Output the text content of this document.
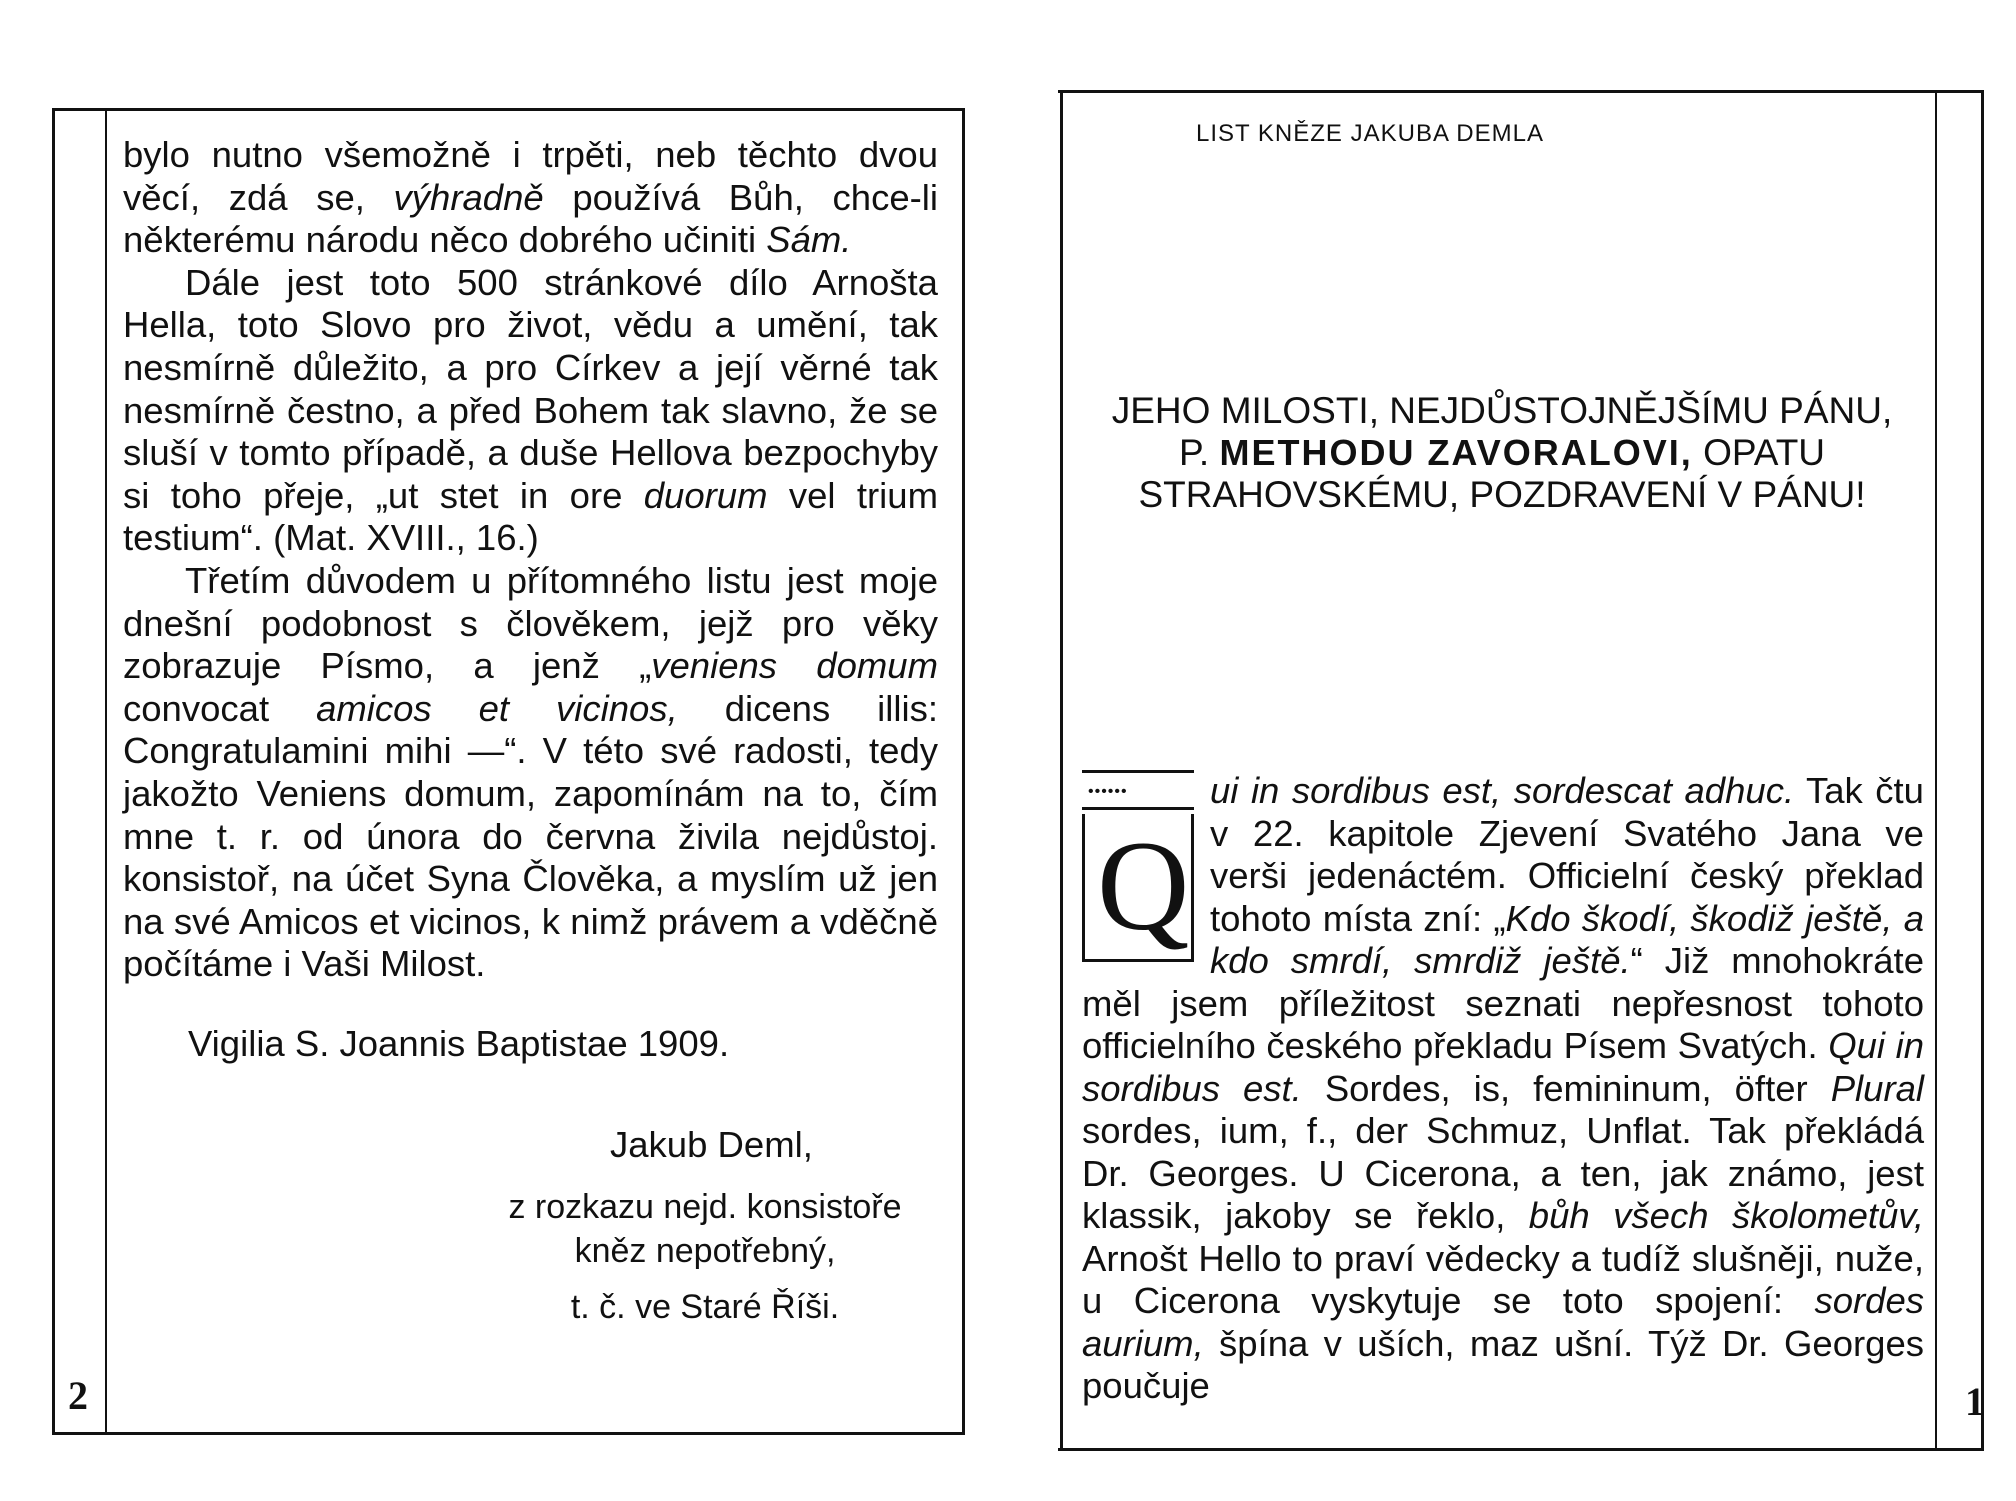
bylo nutno všemožně i trpěti, neb těchto dvou věcí, zdá se, výhradně používá Bůh, chce-li některému národu něco dobrého učiniti Sám.

Dále jest toto 500 stránkové dílo Arnošta Hella, toto Slovo pro život, vědu a umění, tak nesmírně důležito, a pro Církev a její věrné tak nesmírně čestno, a před Bohem tak slavno, že se sluší v tomto případě, a duše Hellova bezpochyby si toho přeje, „ut stet in ore duorum vel trium testium“. (Mat. XVIII., 16.)

Třetím důvodem u přítomného listu jest moje dnešní podobnost s člověkem, jejž pro věky zobrazuje Písmo, a jenž „veniens domum convocat amicos et vicinos, dicens illis: Congratulamini mihi —“. V této své radosti, tedy jakožto Veniens domum, zapomínám na to, čím mne t. r. od února do června živila nejdůstoj. konsistoř, na účet Syna Člověka, a myslím už jen na své Amicos et vicinos, k nimž právem a vděčně počítáme i Vaši Milost.

Vigilia S. Joannis Baptistae 1909.
Jakub Deml,
z rozkazu nejd. konsistoře
kněz nepotřebný,
t. č. ve Staré Říši.
2
LIST KNĚZE JAKUBA DEMLA
JEHO MILOSTI, NEJDŮSTOJNĚJŠÍMU PÁNU,
P. METHODU ZAVORALOVI, OPATU
STRAHOVSKÉMU, POZDRAVENÍ V PÁNU!
••••••
Q

ui in sordibus est, sordescat adhuc. Tak čtu v 22. kapitole Zjevení Svatého Jana ve verši jedenáctém. Officielní český překlad tohoto místa zní: „Kdo škodí, škodiž ještě, a kdo smrdí, smrdiž ještě.“ Již mnohokráte měl jsem příležitost seznati nepřesnost tohoto officielního českého překladu Písem Svatých. Qui in sordibus est. Sordes, is, femininum, öfter Plural sordes, ium, f., der Schmuz, Unflat. Tak překládá Dr. Georges. U Cicerona, a ten, jak známo, jest klassik, jakoby se řeklo, bůh všech školometův, Arnošt Hello to praví vědecky a tudíž slušněji, nuže, u Cicerona vyskytuje se toto spojení: sordes aurium, špína v uších, maz ušní. Týž Dr. Georges poučuje	1
